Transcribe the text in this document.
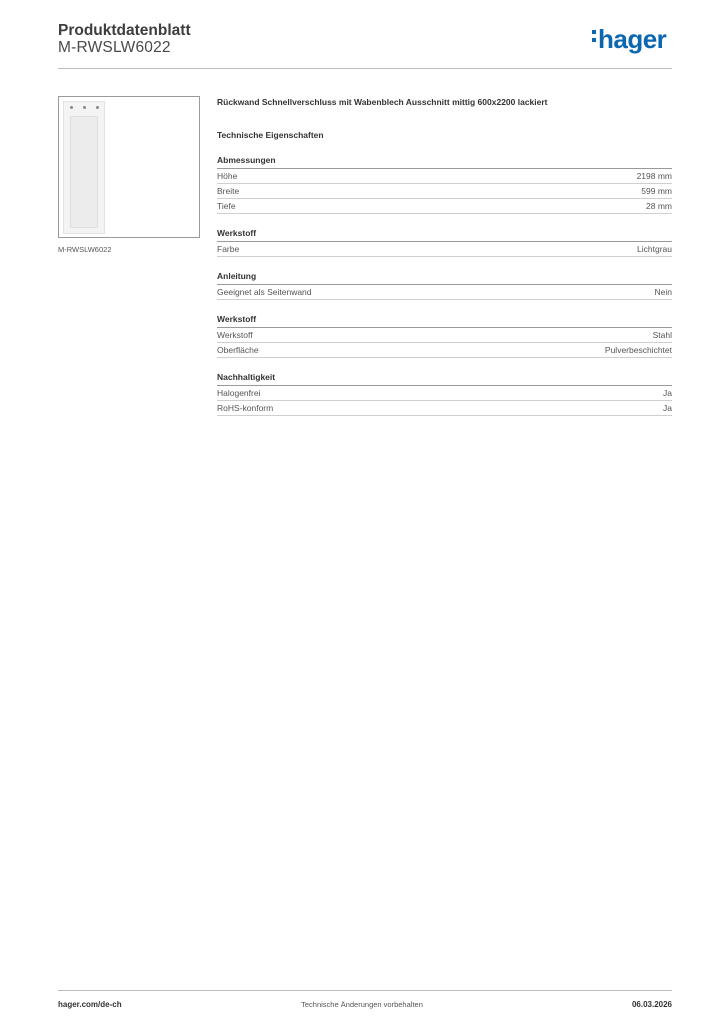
Produktdatenblatt
M-RWSLW6022	hager
M-RWSLW6022
Rückwand Schnellverschluss mit Wabenblech Ausschnitt mittig 600x2200 lackiert
Technische Eigenschaften
Abmessungen
Höhe	2198 mm
Breite	599 mm
Tiefe	28 mm
Werkstoff
Farbe	Lichtgrau
Anleitung
Geeignet als Seitenwand	Nein
Werkstoff
Werkstoff	Stahl
Oberfläche	Pulverbeschichtet
Nachhaltigkeit
Halogenfrei	Ja
RoHS-konform	Ja
hager.com/de-ch	Technische Änderungen vorbehalten	06.03.2026
